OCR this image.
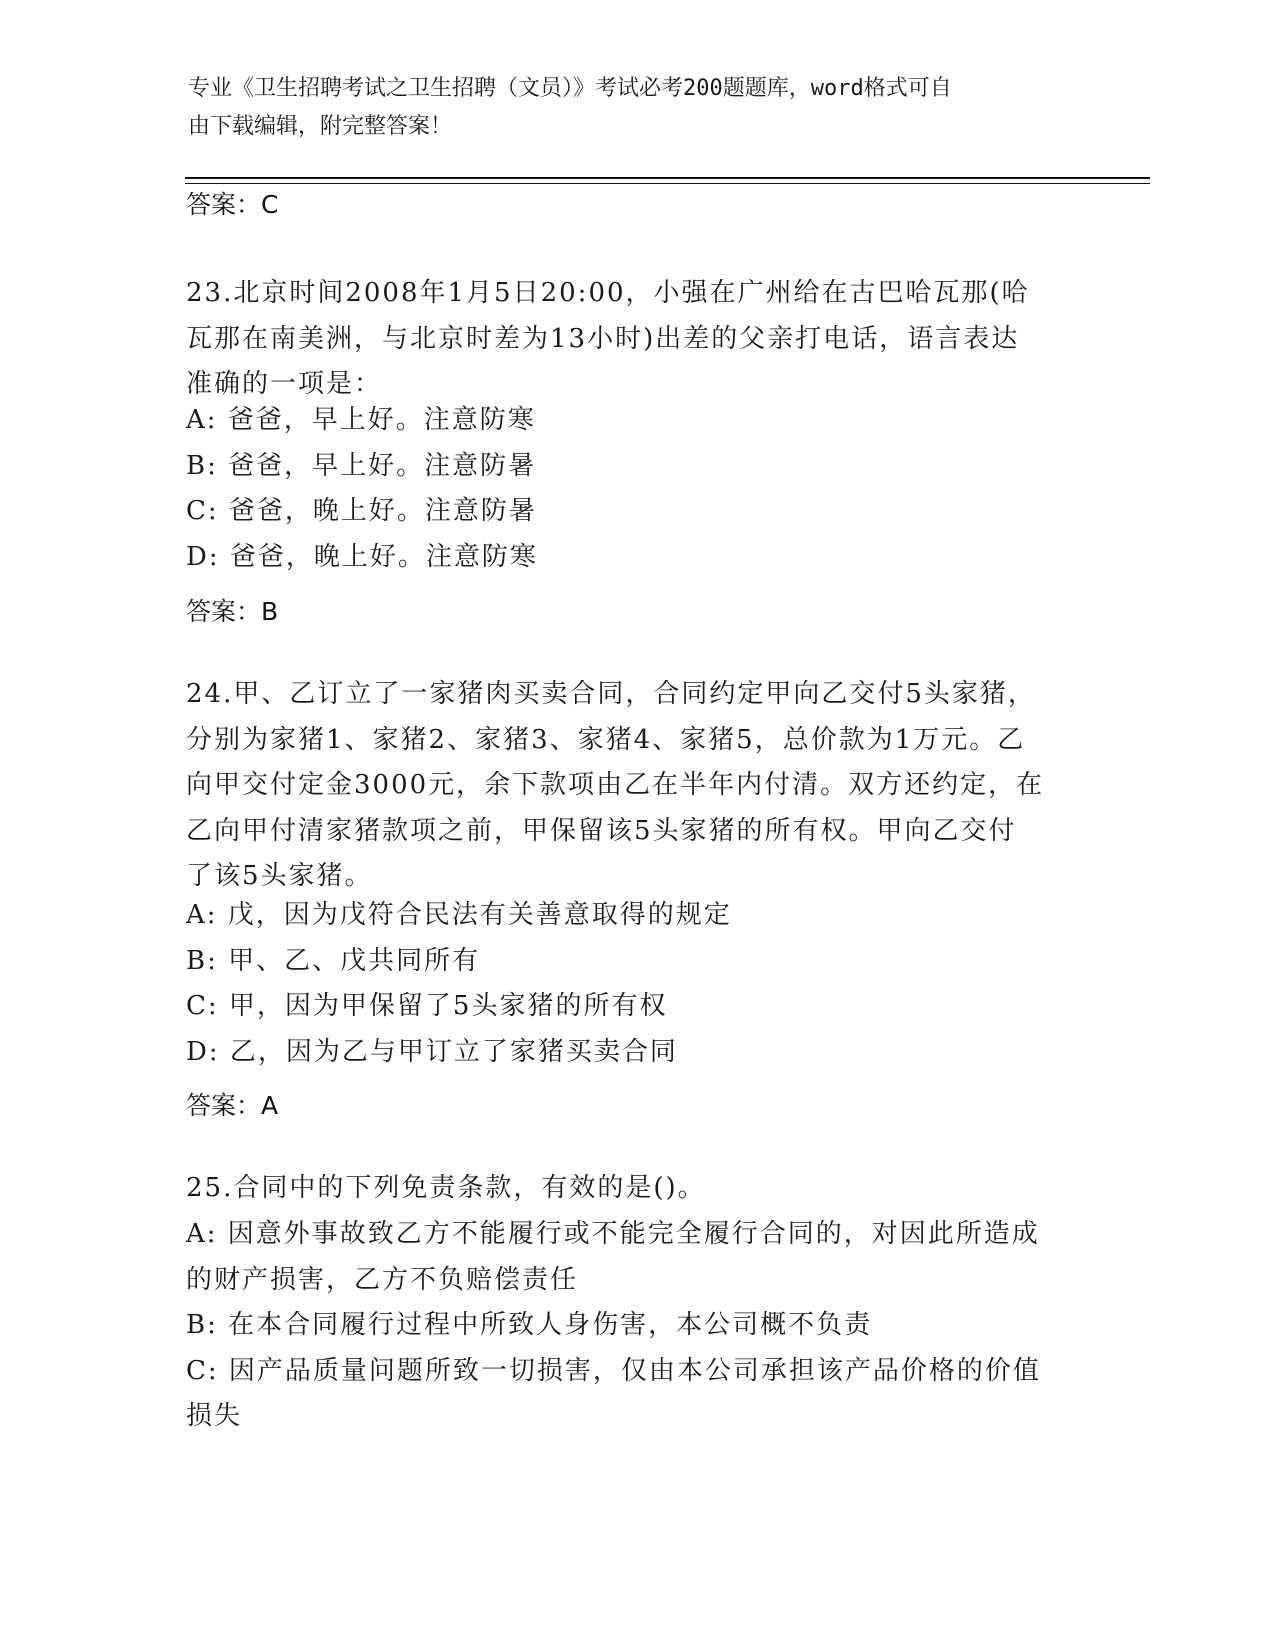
专业《卫生招聘考试之卫生招聘（文员）》考试必考200题题库，word格式可自
由下载编辑，附完整答案！
答案：C
23.北京时间2008年1月5日20:00，小强在广州给在古巴哈瓦那(哈
瓦那在南美洲，与北京时差为13小时)出差的父亲打电话，语言表达
准确的一项是：
A: 爸爸，早上好。注意防寒
B: 爸爸，早上好。注意防暑
C: 爸爸，晚上好。注意防暑
D: 爸爸，晚上好。注意防寒
答案：B
24.甲、乙订立了一家猪肉买卖合同，合同约定甲向乙交付5头家猪，
分别为家猪1、家猪2、家猪3、家猪4、家猪5，总价款为1万元。乙
向甲交付定金3000元，余下款项由乙在半年内付清。双方还约定，在
乙向甲付清家猪款项之前，甲保留该5头家猪的所有权。甲向乙交付
了该5头家猪。
A: 戊，因为戊符合民法有关善意取得的规定
B: 甲、乙、戊共同所有
C: 甲，因为甲保留了5头家猪的所有权
D: 乙，因为乙与甲订立了家猪买卖合同
答案：A
25.合同中的下列免责条款，有效的是()。
A: 因意外事故致乙方不能履行或不能完全履行合同的，对因此所造成
的财产损害，乙方不负赔偿责任
B: 在本合同履行过程中所致人身伤害，本公司概不负责
C: 因产品质量问题所致一切损害，仅由本公司承担该产品价格的价值
损失
